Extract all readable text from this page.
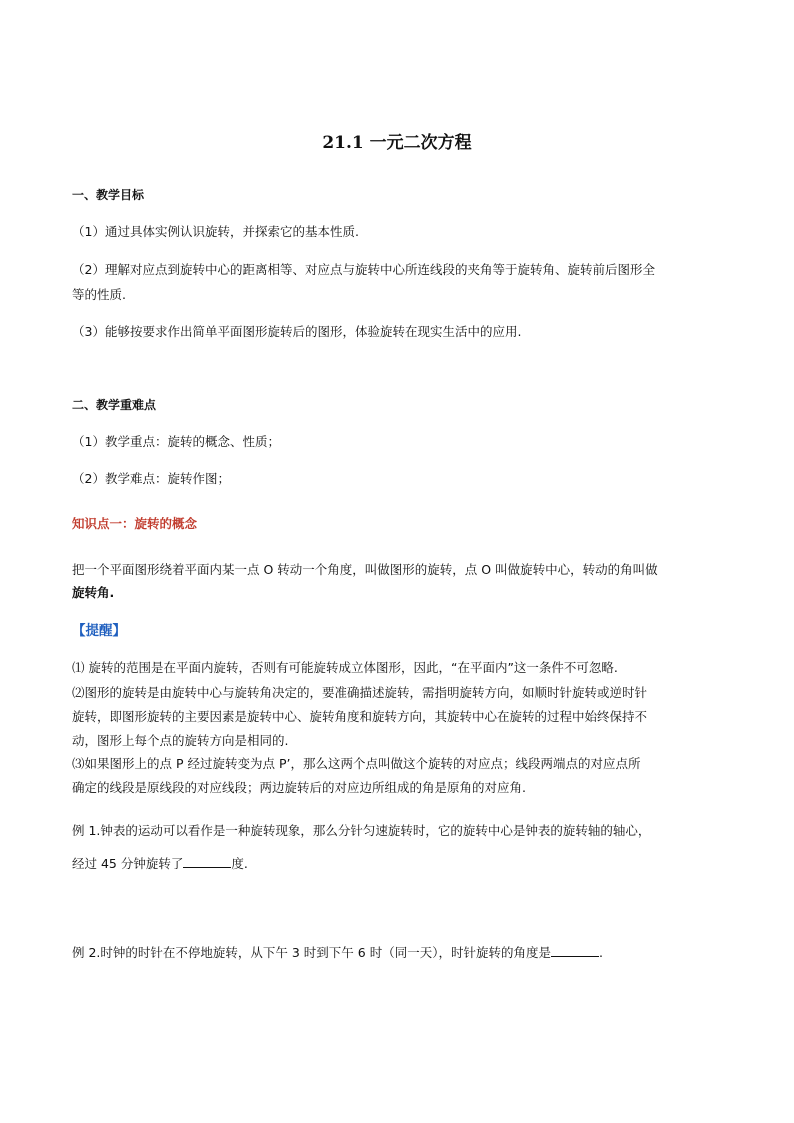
21.1 一元二次方程
一、教学目标
（1）通过具体实例认识旋转，并探索它的基本性质.
（2）理解对应点到旋转中心的距离相等、对应点与旋转中心所连线段的夹角等于旋转角、旋转前后图形全
等的性质.
（3）能够按要求作出简单平面图形旋转后的图形，体验旋转在现实生活中的应用.
二、教学重难点
（1）教学重点：旋转的概念、性质；
（2）教学难点：旋转作图；
知识点一：旋转的概念
把一个平面图形绕着平面内某一点 O 转动一个角度，叫做图形的旋转，点 O 叫做旋转中心，转动的角叫做
旋转角.
【提醒】
⑴ 旋转的范围是在平面内旋转，否则有可能旋转成立体图形，因此，“在平面内”这一条件不可忽略.
⑵图形的旋转是由旋转中心与旋转角决定的，要准确描述旋转，需指明旋转方向，如顺时针旋转或逆时针
旋转，即图形旋转的主要因素是旋转中心、旋转角度和旋转方向，其旋转中心在旋转的过程中始终保持不
动，图形上每个点的旋转方向是相同的.
⑶如果图形上的点 P 经过旋转变为点 P’，那么这两个点叫做这个旋转的对应点；线段两端点的对应点所
确定的线段是原线段的对应线段；两边旋转后的对应边所组成的角是原角的对应角.
例 1.钟表的运动可以看作是一种旋转现象，那么分针匀速旋转时，它的旋转中心是钟表的旋转轴的轴心，
经过 45 分钟旋转了	度.
例 2.时钟的时针在不停地旋转，从下午 3 时到下午 6 时（同一天），时针旋转的角度是	.
